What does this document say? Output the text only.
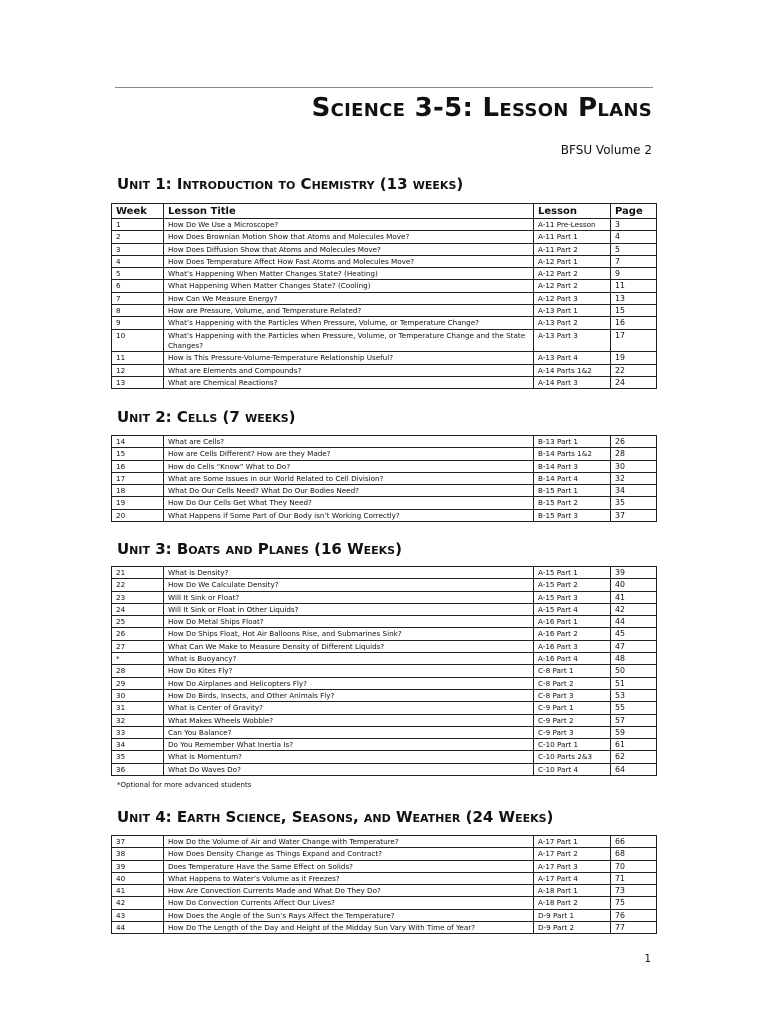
Science 3-5: Lesson Plans
BFSU Volume 2
Unit 1: Introduction to Chemistry (13 weeks)
Week	Lesson Title	Lesson	Page
1	How Do We Use a Microscope?	A-11 Pre-Lesson	3
2	How Does Brownian Motion Show that Atoms and Molecules Move?	A-11 Part 1	4
3	How Does Diffusion Show that Atoms and Molecules Move?	A-11 Part 2	5
4	How Does Temperature Affect How Fast Atoms and Molecules Move?	A-12 Part 1	7
5	What’s Happening When Matter Changes State? (Heating)	A-12 Part 2	9
6	What Happening When Matter Changes State? (Cooling)	A-12 Part 2	11
7	How Can We Measure Energy?	A-12 Part 3	13
8	How are Pressure, Volume, and Temperature Related?	A-13 Part 1	15
9	What’s Happening with the Particles When Pressure, Volume, or Temperature Change?	A-13 Part 2	16
10	What’s Happening with the Particles when Pressure, Volume, or Temperature Change and the State Changes?	A-13 Part 3	17
11	How is This Pressure-Volume-Temperature Relationship Useful?	A-13 Part 4	19
12	What are Elements and Compounds?	A-14 Parts 1&2	22
13	What are Chemical Reactions?	A-14 Part 3	24
Unit 2: Cells (7 weeks)
14	What are Cells?	B-13 Part 1	26
15	How are Cells Different? How are they Made?	B-14 Parts 1&2	28
16	How do Cells “Know” What to Do?	B-14 Part 3	30
17	What are Some Issues in our World Related to Cell Division?	B-14 Part 4	32
18	What Do Our Cells Need? What Do Our Bodies Need?	B-15 Part 1	34
19	How Do Our Cells Get What They Need?	B-15 Part 2	35
20	What Happens if Some Part of Our Body isn’t Working Correctly?	B-15 Part 3	37
Unit 3: Boats and Planes (16 Weeks)
21	What is Density?	A-15 Part 1	39
22	How Do We Calculate Density?	A-15 Part 2	40
23	Will It Sink or Float?	A-15 Part 3	41
24	Will It Sink or Float in Other Liquids?	A-15 Part 4	42
25	How Do Metal Ships Float?	A-16 Part 1	44
26	How Do Ships Float, Hot Air Balloons Rise, and Submarines Sink?	A-16 Part 2	45
27	What Can We Make to Measure Density of Different Liquids?	A-16 Part 3	47
*	What is Buoyancy?	A-16 Part 4	48
28	How Do Kites Fly?	C-8 Part 1	50
29	How Do Airplanes and Helicopters Fly?	C-8 Part 2	51
30	How Do Birds, Insects, and Other Animals Fly?	C-8 Part 3	53
31	What is Center of Gravity?	C-9 Part 1	55
32	What Makes Wheels Wobble?	C-9 Part 2	57
33	Can You Balance?	C-9 Part 3	59
34	Do You Remember What Inertia Is?	C-10 Part 1	61
35	What is Momentum?	C-10 Parts 2&3	62
36	What Do Waves Do?	C-10 Part 4	64
*Optional for more advanced students
Unit 4: Earth Science, Seasons, and Weather (24 Weeks)
37	How Do the Volume of Air and Water Change with Temperature?	A-17 Part 1	66
38	How Does Density Change as Things Expand and Contract?	A-17 Part 2	68
39	Does Temperature Have the Same Effect on Solids?	A-17 Part 3	70
40	What Happens to Water’s Volume as it Freezes?	A-17 Part 4	71
41	How Are Convection Currents Made and What Do They Do?	A-18 Part 1	73
42	How Do Convection Currents Affect Our Lives?	A-18 Part 2	75
43	How Does the Angle of the Sun’s Rays Affect the Temperature?	D-9 Part 1	76
44	How Do The Length of the Day and Height of the Midday Sun Vary With Time of Year?	D-9 Part 2	77
1
